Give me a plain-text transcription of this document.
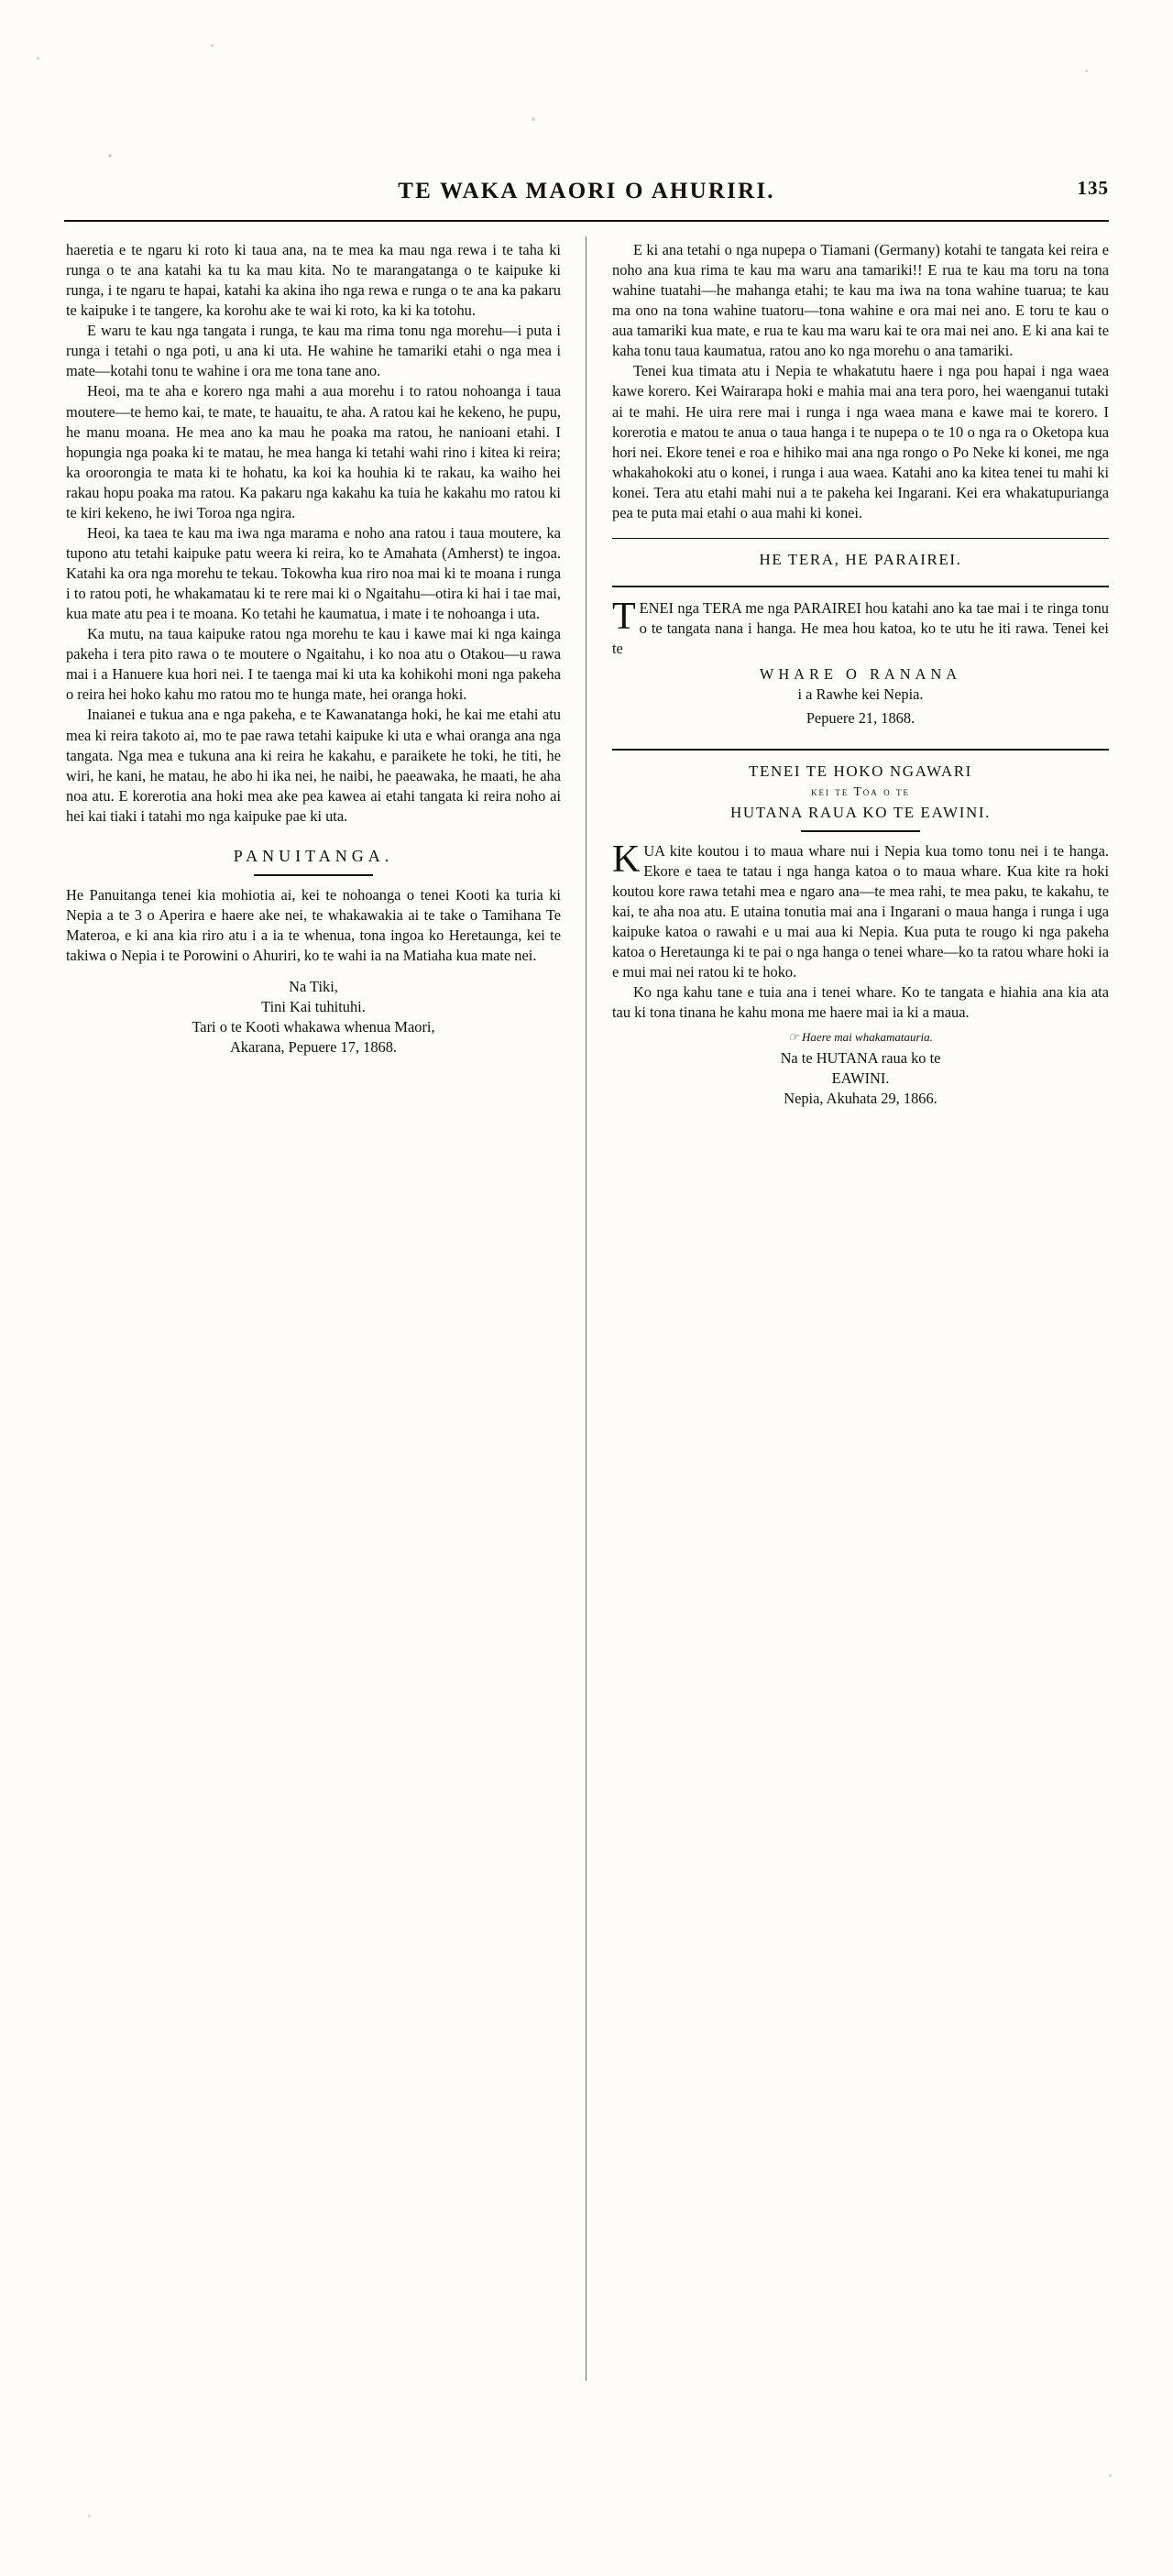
TE WAKA MAORI O AHURIRI.	135

haeretia e te ngaru ki roto ki taua ana, na te mea ka mau nga rewa i te taha ki runga o te ana katahi ka tu ka mau kita. No te marangatanga o te kaipuke ki runga, i te ngaru te hapai, katahi ka akina iho nga rewa e runga o te ana ka pakaru te kaipuke i te tangere, ka korohu ake te wai ki roto, ka ki ka totohu.

E waru te kau nga tangata i runga, te kau ma rima tonu nga morehu—i puta i runga i tetahi o nga poti, u ana ki uta. He wahine he tamariki etahi o nga mea i mate—kotahi tonu te wahine i ora me tona tane ano.

Heoi, ma te aha e korero nga mahi a aua morehu i to ratou nohoanga i taua moutere—te hemo kai, te mate, te hauaitu, te aha. A ratou kai he kekeno, he pupu, he manu moana. He mea ano ka mau he poaka ma ratou, he nanioani etahi. I hopungia nga poaka ki te matau, he mea hanga ki tetahi wahi rino i kitea ki reira; ka oroorongia te mata ki te hohatu, ka koi ka houhia ki te rakau, ka waiho hei rakau hopu poaka ma ratou. Ka pakaru nga kakahu ka tuia he kakahu mo ratou ki te kiri kekeno, he iwi Toroa nga ngira.

Heoi, ka taea te kau ma iwa nga marama e noho ana ratou i taua moutere, ka tupono atu tetahi kaipuke patu weera ki reira, ko te Amahata (Amherst) te ingoa. Katahi ka ora nga morehu te tekau. Tokowha kua riro noa mai ki te moana i runga i to ratou poti, he whakamatau ki te rere mai ki o Ngaitahu—otira ki hai i tae mai, kua mate atu pea i te moana. Ko tetahi he kaumatua, i mate i te nohoanga i uta.

Ka mutu, na taua kaipuke ratou nga morehu te kau i kawe mai ki nga kainga pakeha i tera pito rawa o te moutere o Ngaitahu, i ko noa atu o Otakou—u rawa mai i a Hanuere kua hori nei. I te taenga mai ki uta ka kohikohi moni nga pakeha o reira hei hoko kahu mo ratou mo te hunga mate, hei oranga hoki.

Inaianei e tukua ana e nga pakeha, e te Kawanatanga hoki, he kai me etahi atu mea ki reira takoto ai, mo te pae rawa tetahi kaipuke ki uta e whai oranga ana nga tangata. Nga mea e tukuna ana ki reira he kakahu, e paraikete he toki, he titi, he wiri, he kani, he matau, he abo hi ika nei, he naibi, he paeawaka, he maati, he aha noa atu. E korerotia ana hoki mea ake pea kawea ai etahi tangata ki reira noho ai hei kai tiaki i tatahi mo nga kaipuke pae ki uta.

PANUITANGA.

He Panuitanga tenei kia mohiotia ai, kei te nohoanga o tenei Kooti ka turia ki Nepia a te 3 o Aperira e haere ake nei, te whakawakia ai te take o Tamihana Te Materoa, e ki ana kia riro atu i a ia te whenua, tona ingoa ko Heretaunga, kei te takiwa o Nepia i te Porowini o Ahuriri, ko te wahi ia na Matiaha kua mate nei.

Na Tiki,

Tini Kai tuhituhi.

Tari o te Kooti whakawa whenua Maori,

Akarana, Pepuere 17, 1868.

E ki ana tetahi o nga nupepa o Tiamani (Germany) kotahi te tangata kei reira e noho ana kua rima te kau ma waru ana tamariki!! E rua te kau ma toru na tona wahine tuatahi—he mahanga etahi; te kau ma iwa na tona wahine tuarua; te kau ma ono na tona wahine tuatoru—tona wahine e ora mai nei ano. E toru te kau o aua tamariki kua mate, e rua te kau ma waru kai te ora mai nei ano. E ki ana kai te kaha tonu taua kaumatua, ratou ano ko nga morehu o ana tamariki.

Tenei kua timata atu i Nepia te whakatutu haere i nga pou hapai i nga waea kawe korero. Kei Wairarapa hoki e mahia mai ana tera poro, hei waenganui tutaki ai te mahi. He uira rere mai i runga i nga waea mana e kawe mai te korero. I korerotia e matou te anua o taua hanga i te nupepa o te 10 o nga ra o Oketopa kua hori nei. Ekore tenei e roa e hihiko mai ana nga rongo o Po Neke ki konei, me nga whakahokoki atu o konei, i runga i aua waea. Katahi ano ka kitea tenei tu mahi ki konei. Tera atu etahi mahi nui a te pakeha kei Ingarani. Kei era whakatupurianga pea te puta mai etahi o aua mahi ki konei.

HE TERA, HE PARAIREI.

TENEI nga TERA me nga PARAIREI hou katahi ano ka tae mai i te ringa tonu o te tangata nana i hanga. He mea hou katoa, ko te utu he iti rawa. Tenei kei te

WHARE O RANANA

i a Rawhe kei Nepia.

Pepuere 21, 1868.

TENEI TE HOKO NGAWARI
kei te Toa o te
HUTANA RAUA KO TE EAWINI.

KUA kite koutou i to maua whare nui i Nepia kua tomo tonu nei i te hanga. Ekore e taea te tatau i nga hanga katoa o to maua whare. Kua kite ra hoki koutou kore rawa tetahi mea e ngaro ana—te mea rahi, te mea paku, te kakahu, te kai, te aha noa atu. E utaina tonutia mai ana i Ingarani o maua hanga i runga i uga kaipuke katoa o rawahi e u mai aua ki Nepia. Kua puta te rougo ki nga pakeha katoa o Heretaunga ki te pai o nga hanga o tenei whare—ko ta ratou whare hoki ia e mui mai nei ratou ki te hoko.

Ko nga kahu tane e tuia ana i tenei whare. Ko te tangata e hiahia ana kia ata tau ki tona tinana he kahu mona me haere mai ia ki a maua.

☞ Haere mai whakamatauria.

Na te HUTANA raua ko te

EAWINI.

Nepia, Akuhata 29, 1866.
